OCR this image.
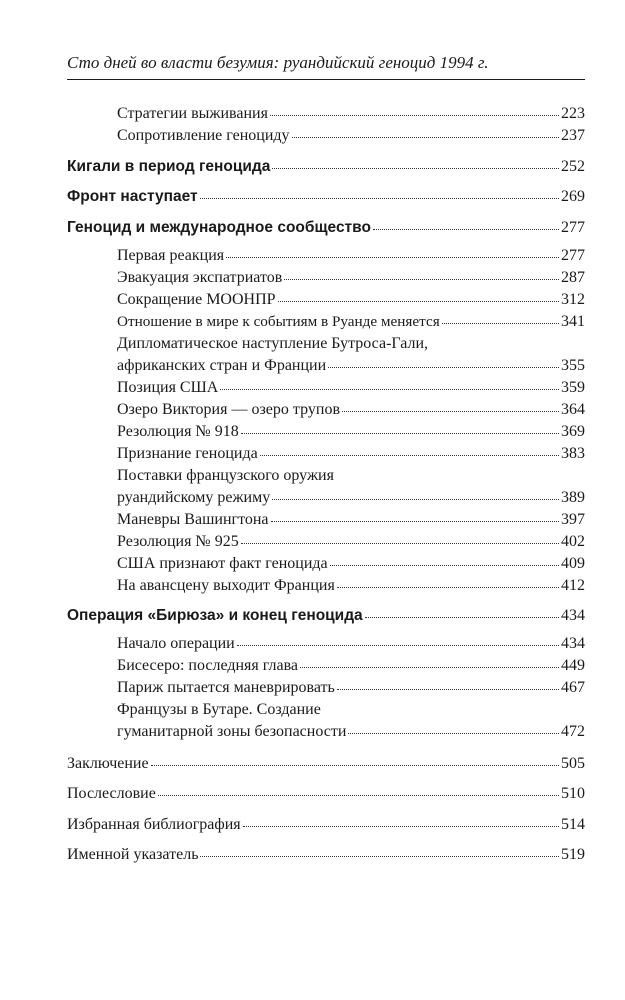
Сто дней во власти безумия: руандийский геноцид 1994 г.
Стратегии выживания	223
Сопротивление геноциду	237
Кигали в период геноцида	252
Фронт наступает	269
Геноцид и международное сообщество	277
Первая реакция	277
Эвакуация экспатриатов	287
Сокращение МООНПР	312
Отношение в мире к событиям в Руанде меняется	341
Дипломатическое наступление Бутроса-Гали,
африканских стран и Франции	355
Позиция США	359
Озеро Виктория — озеро трупов	364
Резолюция № 918	369
Признание геноцида	383
Поставки французского оружия
руандийскому режиму	389
Маневры Вашингтона	397
Резолюция № 925	402
США признают факт геноцида	409
На авансцену выходит Франция	412
Операция «Бирюза» и конец геноцида	434
Начало операции	434
Бисесеро: последняя глава	449
Париж пытается маневрировать	467
Французы в Бутаре. Создание
гуманитарной зоны безопасности	472
Заключение	505
Послесловие	510
Избранная библиография	514
Именной указатель	519
